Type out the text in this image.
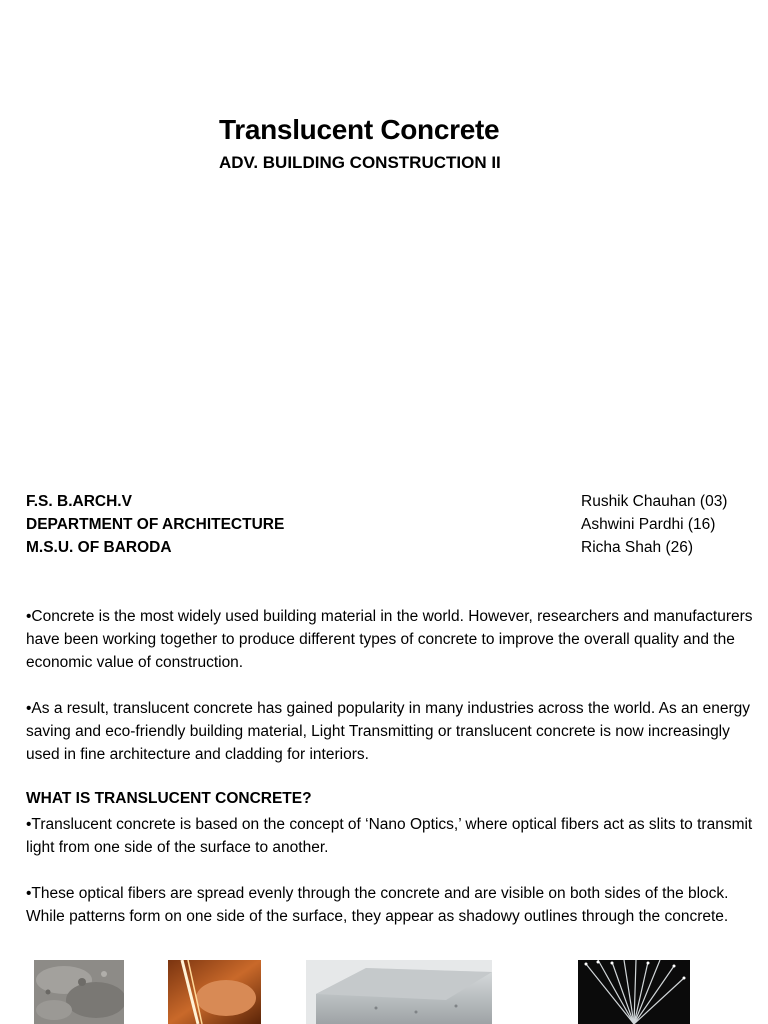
Translucent Concrete
ADV. BUILDING CONSTRUCTION II
F.S. B.ARCH.V
DEPARTMENT OF ARCHITECTURE
M.S.U. OF BARODA
Rushik Chauhan (03)
Ashwini Pardhi (16)
Richa Shah (26)
•Concrete is the most widely used building material in the world. However, researchers and manufacturers have been working together to produce different types of concrete to improve the overall quality and the economic value of construction.
•As a result, translucent concrete has gained popularity in many industries across the world. As an energy saving and eco-friendly building material, Light Transmitting or translucent concrete is now increasingly used in fine architecture and cladding for interiors.
WHAT IS TRANSLUCENT CONCRETE?
•Translucent concrete is based on the concept of ‘Nano Optics,’ where optical fibers act as slits to transmit light from one side of the surface to another.
•These optical fibers are spread evenly through the concrete and are visible on both sides of the block. While patterns form on one side of the surface, they appear as shadowy outlines through the concrete.
